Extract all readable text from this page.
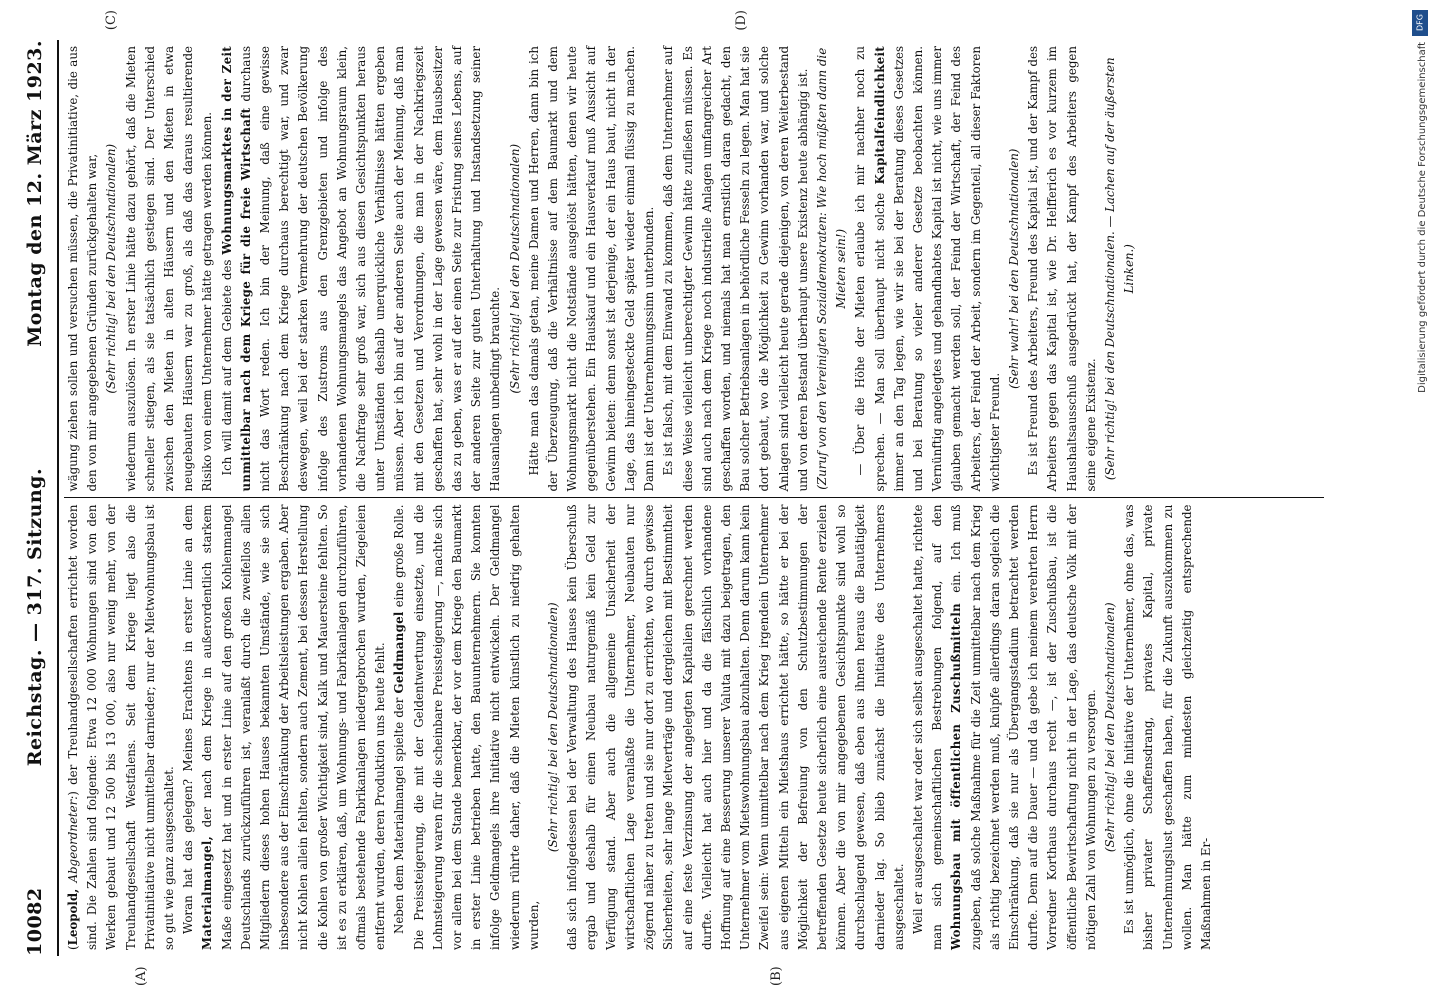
10082
Reichstag. — 317. Sitzung.
Montag den 12. März 1923.
(A)	(B)
(C)	(D)

(Leopold, Abgeordneter:) der Treuhandgesellschaften errichtet worden sind. Die Zahlen sind folgende: Etwa 12 000 Wohnungen sind von den Werken gebaut und 12 500 bis 13 000, also nur wenig mehr, von der Treuhandgesellschaft Westfalens. Seit dem Kriege liegt also die Privatinitiative nicht unmittelbar darnieder; nur der Mietwohnungsbau ist so gut wie ganz ausgeschaltet. Woran hat das gelegen? Meines Erachtens in erster Linie an dem Materialmangel, der nach dem Kriege in außerordentlich starkem Maße eingesetzt hat und in erster Linie auf den großen Kohlenmangel Deutschlands zurückzuführen ist, veranlaßt durch die zweifellos allen Mitgliedern dieses hohen Hauses bekannten Umstände, wie sie sich insbesondere aus der Einschränkung der Arbeitsleistungen ergaben. Aber nicht Kohlen allein fehlten, sondern auch Zement, bei dessen Herstellung die Kohlen von großer Wichtigkeit sind, Kalk und Mauersteine fehlten. So ist es zu erklären, daß, um Wohnungs- und Fabrikanlagen durchzuführen, oftmals bestehende Fabrikanlagen niedergebrochen wurden, Ziegeleien entfernt wurden, deren Produktion uns heute fehlt. Neben dem Materialmangel spielte der Geldmangel eine große Rolle. Die Preissteigerung, die mit der Geldentwertung einsetzte, und die Lohnsteigerung waren für die scheinbare Preissteigerung —, machte sich vor allem bei dem Stande bemerkbar, der vor dem Kriege den Baumarkt in erster Linie betrieben hatte, den Bauunternehmern. Sie konnten infolge Geldmangels ihre Initiative nicht entwickeln. Der Geldmangel wiederum rührte daher, daß die Mieten künstlich zu niedrig gehalten wurden,

(Sehr richtig! bei den Deutschnationalen) daß sich infolgedessen bei der Verwaltung des Hauses kein Überschuß ergab und deshalb für einen Neubau naturgemäß kein Geld zur Verfügung stand. Aber auch die allgemeine Unsicherheit der wirtschaftlichen Lage veranlaßte die Unternehmer, Neubauten nur zögernd näher zu treten und sie nur dort zu errichten, wo durch gewisse Sicherheiten, sehr lange Mietverträge und dergleichen mit Bestimmtheit auf eine feste Verzinsung der angelegten Kapitalien gerechnet werden durfte. Vielleicht hat auch hier und da die fälschlich vorhandene Hoffnung auf eine Besserung unserer Valuta mit dazu beigetragen, den Unternehmer vom Mietswohnungsbau abzuhalten. Denn darum kann kein Zweifel sein: Wenn unmittelbar nach dem Krieg irgendein Unternehmer aus eigenen Mitteln ein Mietshaus errichtet hätte, so hätte er bei der Möglichkeit der Befreiung von den Schutzbestimmungen der betreffenden Gesetze heute sicherlich eine ausreichende Rente erzielen können. Aber die von mir angegebenen Gesichtspunkte sind wohl so durchschlagend gewesen, daß eben aus ihnen heraus die Bautätigkeit darnieder lag. So blieb zunächst die Initiative des Unternehmers ausgeschaltet. Weil er ausgeschaltet war oder sich selbst ausgeschaltet hatte, richtete man sich gemeinschaftlichen Bestrebungen folgend, auf den Wohnungsbau mit öffentlichen Zuschußmitteln ein. Ich muß zugeben, daß solche Maßnahme für die Zeit unmittelbar nach dem Krieg als richtig bezeichnet werden muß, knüpfe allerdings daran sogleich die Einschränkung, daß sie nur als Übergangsstadium betrachtet werden durfte. Denn auf die Dauer — und da gebe ich meinem verehrten Herrn Vorredner Korthaus durchaus recht —, ist der Zuschußbau, ist die öffentliche Bewirtschaftung nicht in der Lage, das deutsche Volk mit der nötigen Zahl von Wohnungen zu versorgen. (Sehr richtig! bei den Deutschnationalen) Es ist unmöglich, ohne die Initiative der Unternehmer, ohne das, was bisher privater Schaffensdrang, privates Kapital, private Unternehmungslust geschaffen haben, für die Zukunft auszukommen zu wollen. Man hätte zum mindesten gleichzeitig entsprechende Maßnahmen in Er-

wägung ziehen sollen und versuchen müssen, die Privatinitiative, die aus den von mir angegebenen Gründen zurückgehalten war, (Sehr richtig! bei den Deutschnationalen) wiederum auszulösen. In erster Linie hätte dazu gehört, daß die Mieten schneller stiegen, als sie tatsächlich gestiegen sind. Der Unterschied zwischen den Mieten in alten Häusern und den Mieten in etwa neugebauten Häusern war zu groß, als daß das daraus resultierende Risiko von einem Unternehmer hätte getragen werden können. Ich will damit auf dem Gebiete des Wohnungsmarktes in der Zeit unmittelbar nach dem Kriege für die freie Wirtschaft durchaus nicht das Wort reden. Ich bin der Meinung, daß eine gewisse Beschränkung nach dem Kriege durchaus berechtigt war, und zwar deswegen, weil bei der starken Vermehrung der deutschen Bevölkerung infolge des Zustroms aus den Grenzgebieten und infolge des vorhandenen Wohnungsmangels das Angebot an Wohnungsraum klein, die Nachfrage sehr groß war, sich aus diesen Gesichtspunkten heraus unter Umständen deshalb unerquickliche Verhältnisse hätten ergeben müssen. Aber ich bin auf der anderen Seite auch der Meinung, daß man mit den Gesetzen und Verordnungen, die man in der Nachkriegszeit geschaffen hat, sehr wohl in der Lage gewesen wäre, dem Hausbesitzer das zu geben, was er auf der einen Seite zur Fristung seines Lebens, auf der anderen Seite zur guten Unterhaltung und Instandsetzung seiner Hausanlagen unbedingt brauchte. (Sehr richtig! bei den Deutschnationalen) Hätte man das damals getan, meine Damen und Herren, dann bin ich der Überzeugung, daß die Verhältnisse auf dem Baumarkt und dem Wohnungsmarkt nicht die Notstände ausgelöst hätten, denen wir heute gegenüberstehen. Ein Hauskauf und ein Hausverkauf muß Aussicht auf Gewinn bieten: denn sonst ist derjenige, der ein Haus baut, nicht in der Lage, das hineingesteckte Geld später wieder einmal flüssig zu machen. Dann ist der Unternehmungssinn unterbunden. Es ist falsch, mit dem Einwand zu kommen, daß dem Unternehmer auf diese Weise vielleicht unberechtigter Gewinn hätte zufließen müssen. Es sind auch nach dem Kriege noch industrielle Anlagen umfangreicher Art geschaffen worden, und niemals hat man ernstlich daran gedacht, den Bau solcher Betriebsanlagen in behördliche Fesseln zu legen. Man hat sie dort gebaut, wo die Möglichkeit zu Gewinn vorhanden war, und solche Anlagen sind vielleicht heute gerade diejenigen, von deren Weiterbestand und von deren Bestand überhaupt unsere Existenz heute abhängig ist. (Zuruf von den Vereinigten Sozialdemokraten: Wie hoch müßten dann die Mieten sein!) — Über die Höhe der Mieten erlaube ich mir nachher noch zu sprechen. — Man soll überhaupt nicht solche Kapitalfeindlichkeit immer an den Tag legen, wie wir sie bei der Beratung dieses Gesetzes und bei Beratung so vieler anderer Gesetze beobachten können. Vernünftig angelegtes und gehandhabtes Kapital ist nicht, wie uns immer glauben gemacht werden soll, der Feind der Wirtschaft, der Feind des Arbeiters, der Feind der Arbeit, sondern im Gegenteil, all dieser Faktoren wichtigster Freund.

(Sehr wahr! bei den Deutschnationalen) Es ist Freund des Arbeiters, Freund des Kapital ist, und der Kampf des Arbeiters gegen das Kapital ist, wie Dr. Helfferich es vor kurzem im Haushaltsausschuß ausgedrückt hat, der Kampf des Arbeiters gegen seine eigene Existenz. (Sehr richtig! bei den Deutschnationalen. — Lachen auf der äußersten Linken.)

DFG
Digitalisierung gefördert durch die Deutsche Forschungsgemeinschaft
